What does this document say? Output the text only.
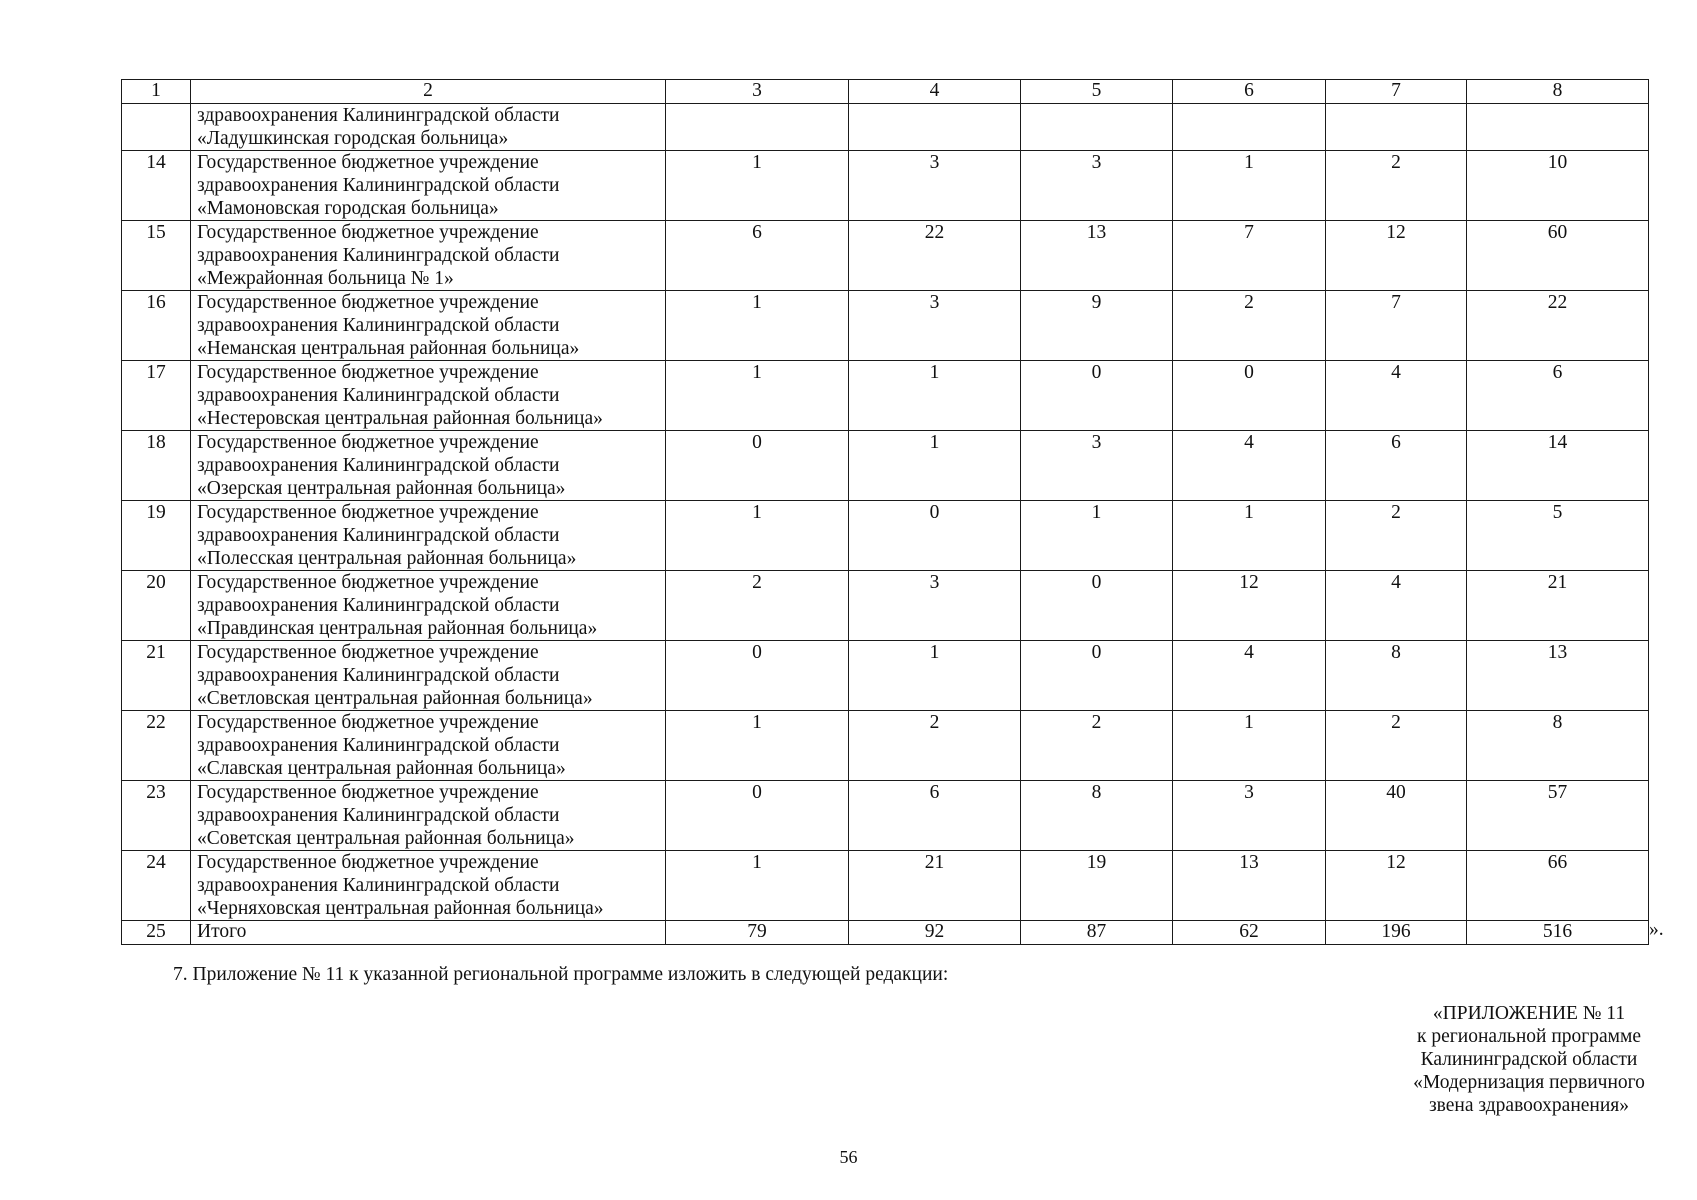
1	2	3	4	5	6	7	8

	здравоохранения Калининградской области
«Ладушкинская городская больница»						

14	Государственное бюджетное учреждение
здравоохранения Калининградской области
«Мамоновская городская больница»	1	3	3	1	2	10
15	Государственное бюджетное учреждение
здравоохранения Калининградской области
«Межрайонная больница № 1»	6	22	13	7	12	60
16	Государственное бюджетное учреждение
здравоохранения Калининградской области
«Неманская центральная районная больница»	1	3	9	2	7	22
17	Государственное бюджетное учреждение
здравоохранения Калининградской области
«Нестеровская центральная районная больница»	1	1	0	0	4	6
18	Государственное бюджетное учреждение
здравоохранения Калининградской области
«Озерская центральная районная больница»	0	1	3	4	6	14
19	Государственное бюджетное учреждение
здравоохранения Калининградской области
«Полесская центральная районная больница»	1	0	1	1	2	5
20	Государственное бюджетное учреждение
здравоохранения Калининградской области
«Правдинская центральная районная больница»	2	3	0	12	4	21
21	Государственное бюджетное учреждение
здравоохранения Калининградской области
«Светловская центральная районная больница»	0	1	0	4	8	13
22	Государственное бюджетное учреждение
здравоохранения Калининградской области
«Славская центральная районная больница»	1	2	2	1	2	8
23	Государственное бюджетное учреждение
здравоохранения Калининградской области
«Советская центральная районная больница»	0	6	8	3	40	57
24	Государственное бюджетное учреждение
здравоохранения Калининградской области
«Черняховская центральная районная больница»	1	21	19	13	12	66
25	Итого	79	92	87	62	196	516	».
7. Приложение № 11 к указанной региональной программе изложить в следующей редакции:
«ПРИЛОЖЕНИЕ № 11
к региональной программе
Калининградской области
«Модернизация первичного
звена здравоохранения»
56
